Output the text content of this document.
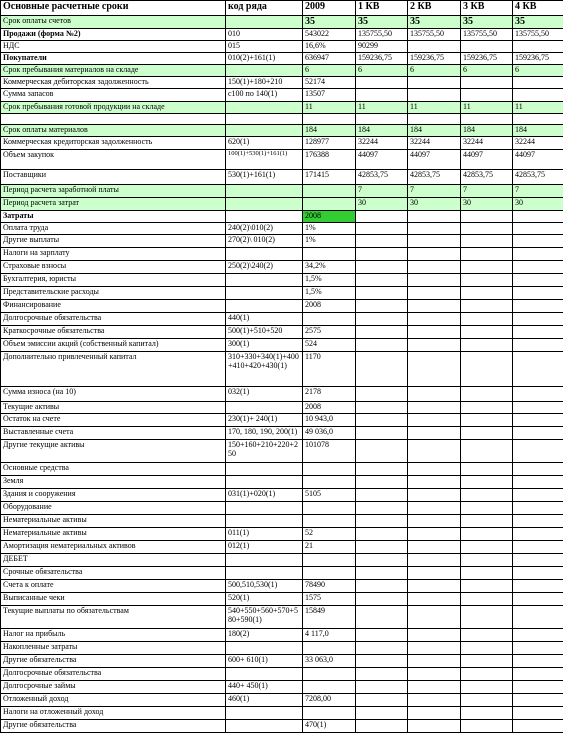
Основные расчетные сроки	код ряда	2009	1 КВ	2 КВ	3 КВ	4 КВ
Срок оплаты счетов		35	35	35	35	35
Продажи (форма №2)	010	543022	135755,50	135755,50	135755,50	135755,50
НДС	015	16,6%	90299			
Покупатели	010(2)+161(1)	636947	159236,75	159236,75	159236,75	159236,75
Срок пребывания материалов на складе		6	6	6	6	6
Коммерческая дебиторская задолженность	150(1)+180+210	52174				
Сумма запасов	с100 по 140(1)	13507				
Срок пребывания готовой продукции на складе		11	11	11	11	11

Срок оплаты материалов		184	184	184	184	184
Коммерческая кредиторская задолженность	620(1)	128977	32244	32244	32244	32244
Объем закупок	100(1)+530(1)+161(1)	176388	44097	44097	44097	44097
Поставщики	530(1)+161(1)	171415	42853,75	42853,75	42853,75	42853,75
Период расчета заработной платы			7	7	7	7
Период расчета затрат			30	30	30	30
Затраты		2008				
Оплата труда	240(2)\010(2)	1%				
Другие выплаты	270(2)\ 010(2)	1%				
Налоги на зарплату						
Страховые взносы	250(2)\240(2)	34,2%				
Бухгалтерия, юристы		1,5%				
Представительские расходы		1,5%				
Финансирование		2008				
Долгосрочные обязательства	440(1)					
Краткосрочные обязательства	500(1)+510+520	2575				
Объем эмиссии акций (собственный капитал)	300(1)	524				
Дополнительно привлеченный капитал	310+330+340(1)+400+410+420+430(1)	1170				
Сумма износа (на 10)	032(1)	2178				
Текущие активы		2008				
Остаток на счете	230(1)+ 240(1)	10 943,0				
Выставленные счета	170, 180, 190, 200(1)	49 036,0				
Другие текущие активы	150+160+210+220+250	101078				
Основные средства						
Земля						
Здания и сооружения	031(1)+020(1)	5105				
Оборудование						
Нематериальные активы						
Нематериальные активы	011(1)	52				
Амортизация нематериальных активов	012(1)	21				
ДЕБЕТ						
Срочные обязательства						
Счета к оплате	500,510,530(1)	78490				
Выписанные чеки	520(1)	1575				
Текущие выплаты по обязательствам	540+550+560+570+580+590(1)	15849				
Налог на прибыль	180(2)	4 117,0				
Накопленные затраты						
Другие обязательства	600+ 610(1)	33 063,0				
Долгосрочные обязательства						
Долгосрочные займы	440+ 450(1)					
Отложенный доход	460(1)	7208,00				
Налоги на отложенный доход						
Другие обязательства		470(1)				
